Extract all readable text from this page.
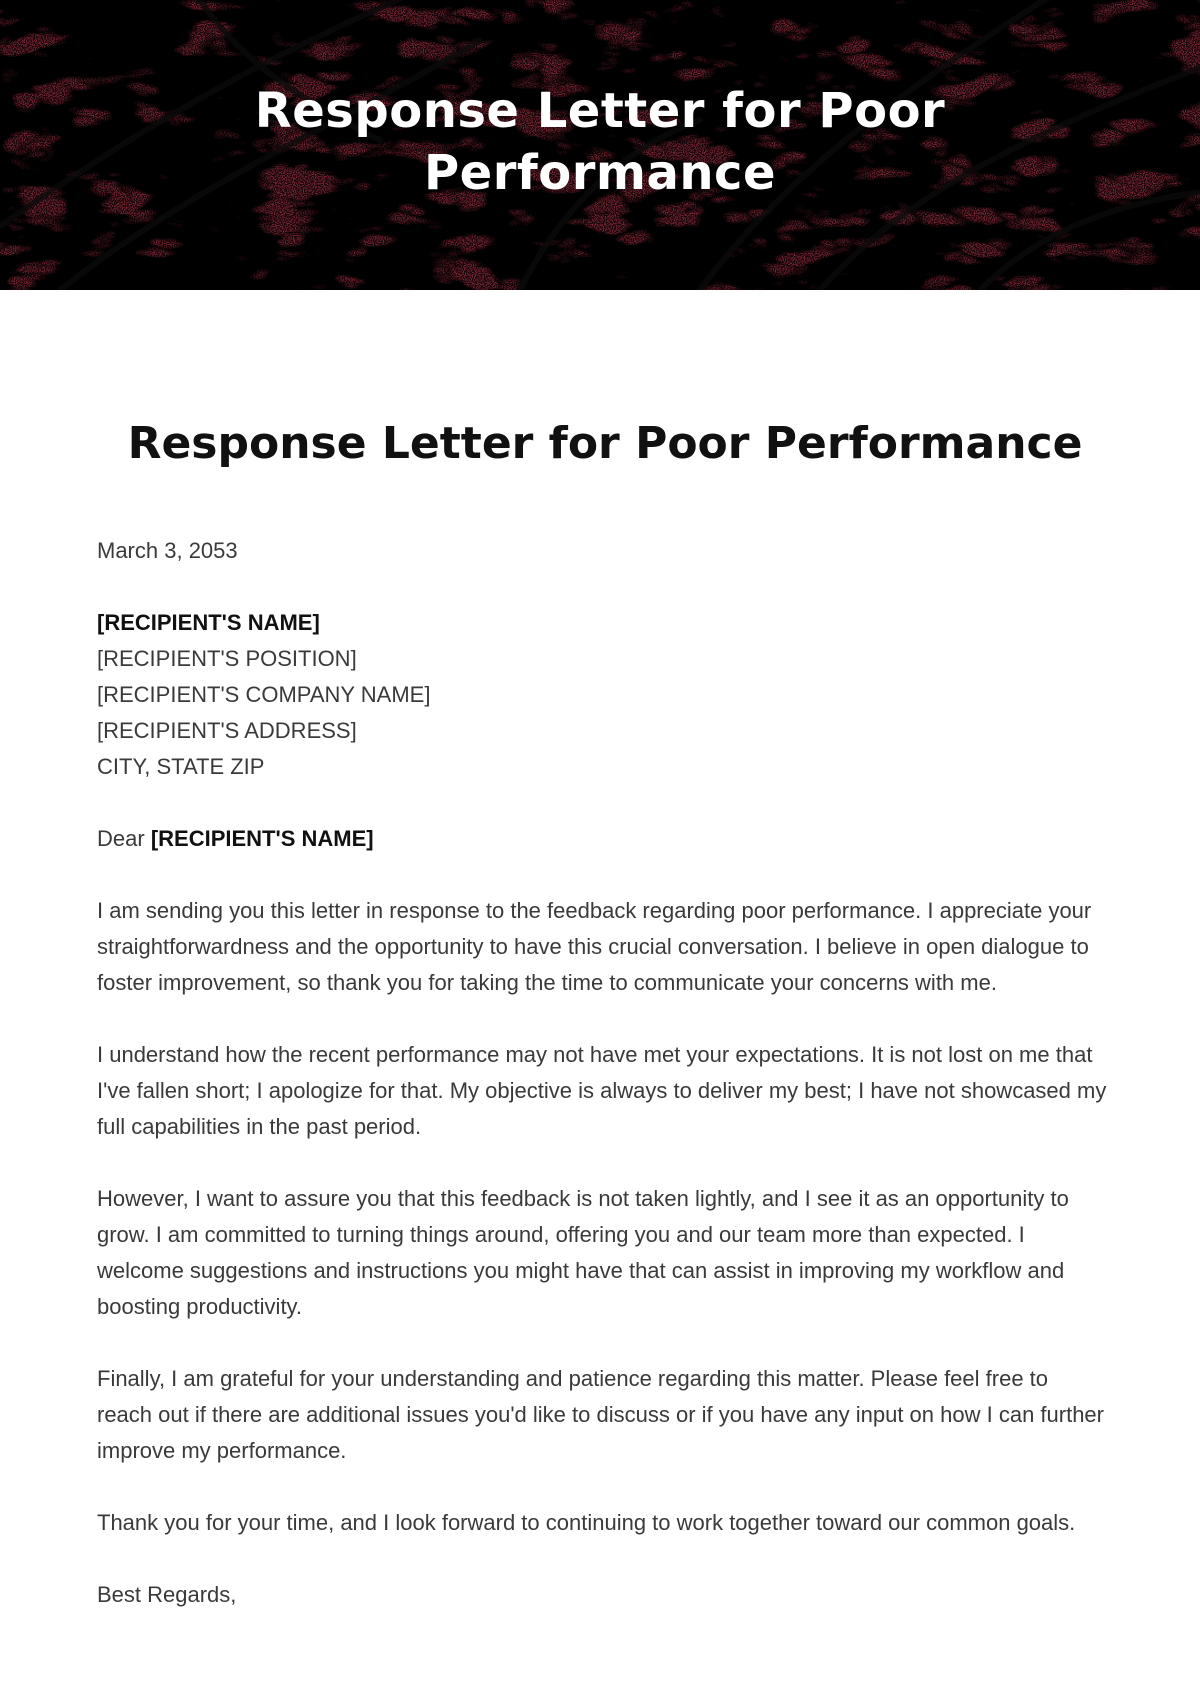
Response Letter for Poor
Performance
Response Letter for Poor Performance

March 3, 2053

[RECIPIENT'S NAME]
[RECIPIENT'S POSITION]
[RECIPIENT'S COMPANY NAME]
[RECIPIENT'S ADDRESS]
CITY, STATE ZIP

Dear [RECIPIENT'S NAME]

I am sending you this letter in response to the feedback regarding poor performance. I appreciate your straightforwardness and the opportunity to have this crucial conversation. I believe in open dialogue to foster improvement, so thank you for taking the time to communicate your concerns with me.

I understand how the recent performance may not have met your expectations. It is not lost on me that I've fallen short; I apologize for that. My objective is always to deliver my best; I have not showcased my full capabilities in the past period.

However, I want to assure you that this feedback is not taken lightly, and I see it as an opportunity to grow. I am committed to turning things around, offering you and our team more than expected. I welcome suggestions and instructions you might have that can assist in improving my workflow and boosting productivity.

Finally, I am grateful for your understanding and patience regarding this matter. Please feel free to reach out if there are additional issues you'd like to discuss or if you have any input on how I can further improve my performance.

Thank you for your time, and I look forward to continuing to work together toward our common goals.

Best Regards,
